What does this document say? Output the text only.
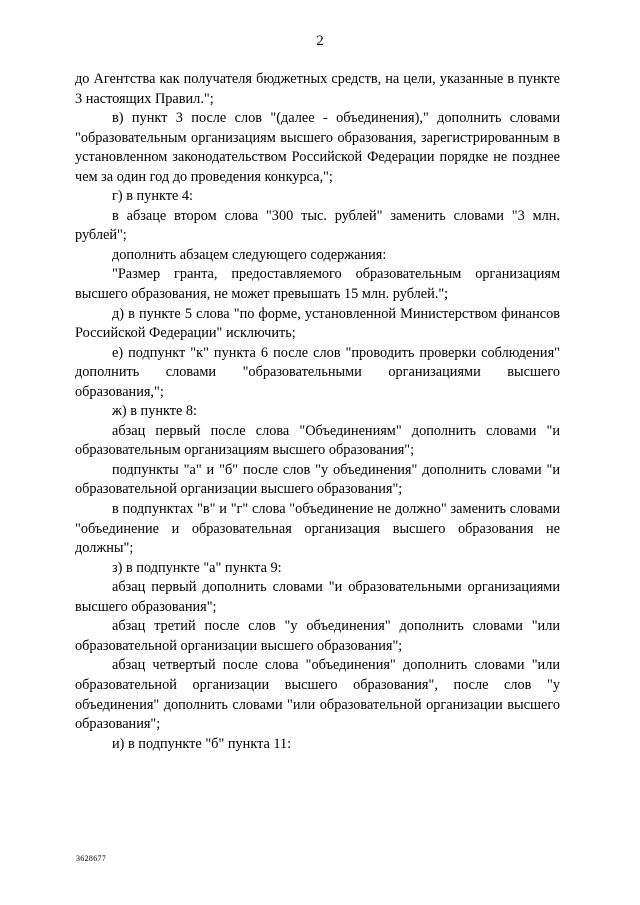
2

до Агентства как получателя бюджетных средств, на цели, указанные в пункте 3 настоящих Правил.";

в) пункт 3 после слов "(далее - объединения)," дополнить словами "образовательным организациям высшего образования, зарегистрированным в установленном законодательством Российской Федерации порядке не позднее чем за один год до проведения конкурса,";

г) в пункте 4:

в абзаце втором слова "300 тыс. рублей" заменить словами "3 млн. рублей";

дополнить абзацем следующего содержания:

"Размер гранта, предоставляемого образовательным организациям высшего образования, не может превышать 15 млн. рублей.";

д) в пункте 5 слова "по форме, установленной Министерством финансов Российской Федерации" исключить;

е) подпункт "к" пункта 6 после слов "проводить проверки соблюдения" дополнить словами "образовательными организациями высшего образования,";

ж) в пункте 8:

абзац первый после слова "Объединениям" дополнить словами "и образовательным организациям высшего образования";

подпункты "а" и "б" после слов "у объединения" дополнить словами "и образовательной организации высшего образования";

в подпунктах "в" и "г" слова "объединение не должно" заменить словами "объединение и образовательная организация высшего образования не должны";

з) в подпункте "а" пункта 9:

абзац первый дополнить словами "и образовательными организациями высшего образования";

абзац третий после слов "у объединения" дополнить словами "или образовательной организации высшего образования";

абзац четвертый после слова "объединения" дополнить словами "или образовательной организации высшего образования", после слов "у объединения" дополнить словами "или образовательной организации высшего образования";

и) в подпункте "б" пункта 11:

3628677
